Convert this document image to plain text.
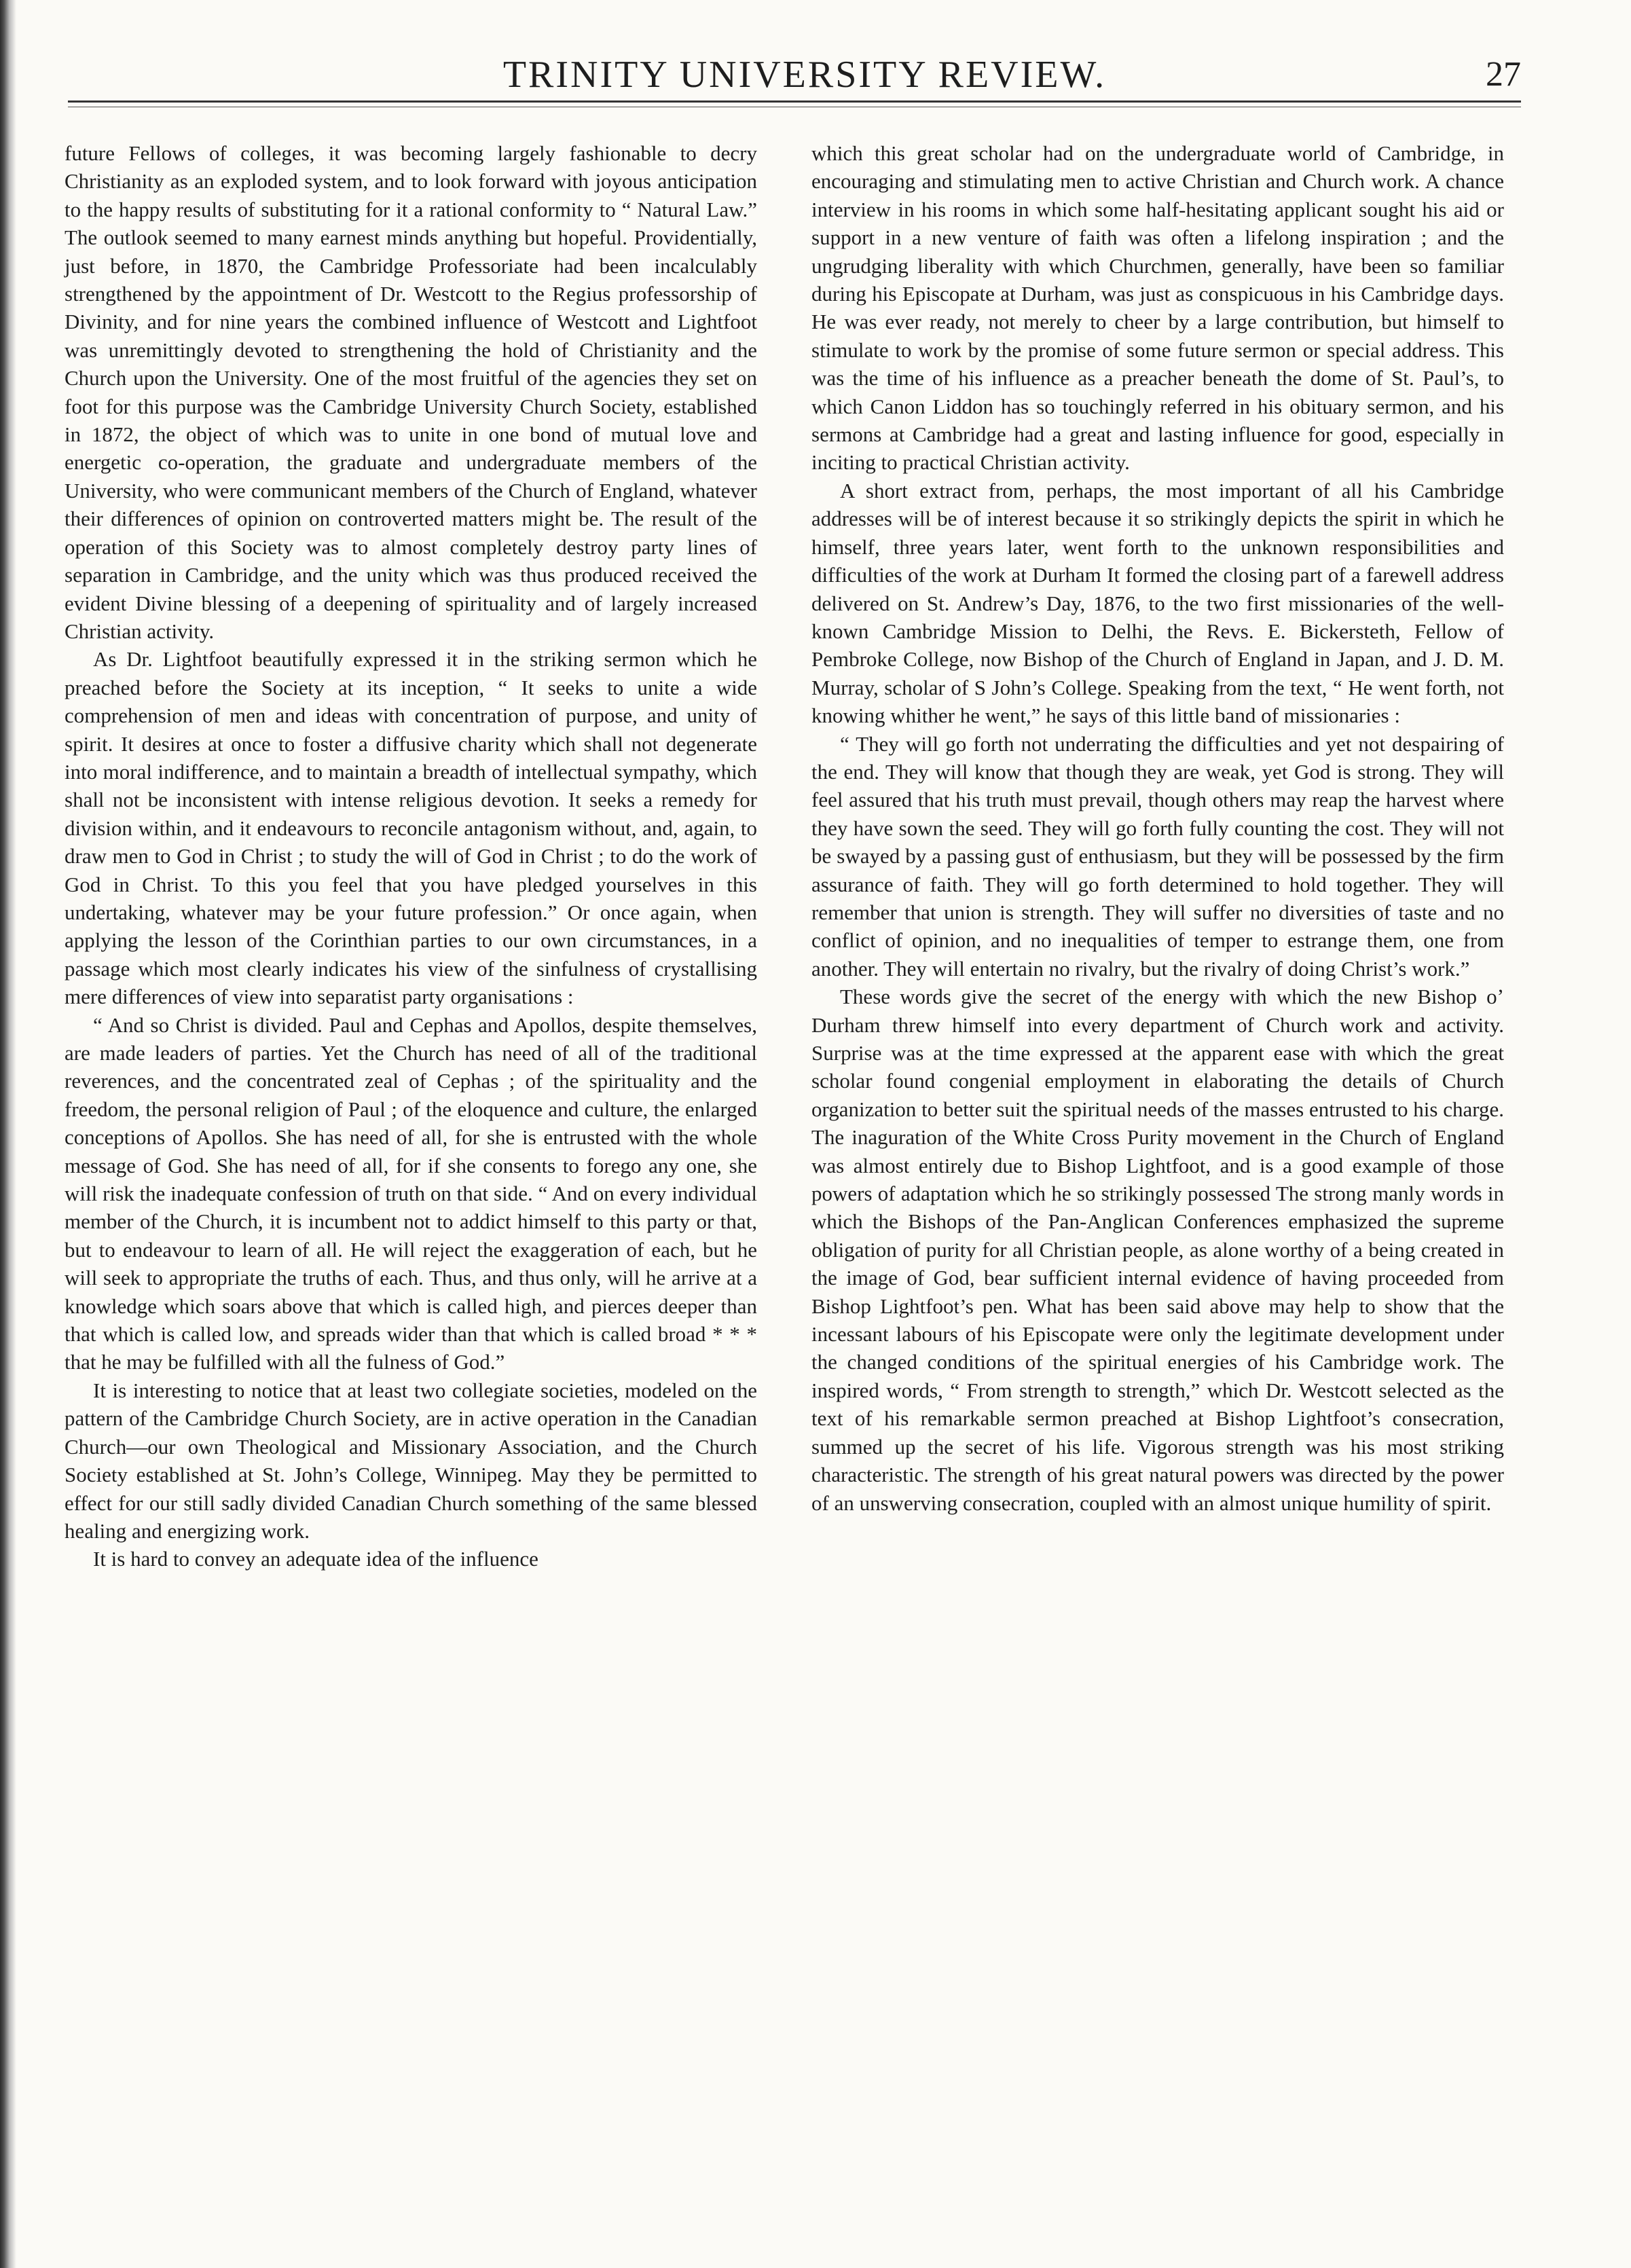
TRINITY UNIVERSITY REVIEW.	27

future Fellows of colleges, it was becoming largely fashionable to decry Christianity as an exploded system, and to look forward with joyous anticipation to the happy results of substituting for it a rational conformity to “ Natural Law.” The outlook seemed to many earnest minds anything but hopeful. Providentially, just before, in 1870, the Cambridge Professoriate had been incalculably strengthened by the appointment of Dr. Westcott to the Regius professorship of Divinity, and for nine years the combined influence of Westcott and Lightfoot was unremittingly devoted to strengthening the hold of Christianity and the Church upon the University. One of the most fruitful of the agencies they set on foot for this purpose was the Cambridge University Church Society, established in 1872, the object of which was to unite in one bond of mutual love and energetic co-operation, the graduate and undergraduate members of the University, who were communicant members of the Church of England, whatever their differences of opinion on controverted matters might be. The result of the operation of this Society was to almost completely destroy party lines of separation in Cambridge, and the unity which was thus produced received the evident Divine blessing of a deepening of spirituality and of largely increased Christian activity.

As Dr. Lightfoot beautifully expressed it in the striking sermon which he preached before the Society at its inception, “ It seeks to unite a wide comprehension of men and ideas with concentration of purpose, and unity of spirit. It desires at once to foster a diffusive charity which shall not degenerate into moral indifference, and to maintain a breadth of intellectual sympathy, which shall not be inconsistent with intense religious devotion. It seeks a remedy for division within, and it endeavours to reconcile antagonism without, and, again, to draw men to God in Christ ; to study the will of God in Christ ; to do the work of God in Christ. To this you feel that you have pledged yourselves in this undertaking, whatever may be your future profession.” Or once again, when applying the lesson of the Corinthian parties to our own circumstances, in a passage which most clearly indicates his view of the sinfulness of crystallising mere differences of view into separatist party organisations :

“ And so Christ is divided. Paul and Cephas and Apollos, despite themselves, are made leaders of parties. Yet the Church has need of all of the traditional reverences, and the concentrated zeal of Cephas ; of the spirituality and the freedom, the personal religion of Paul ; of the eloquence and culture, the enlarged conceptions of Apollos. She has need of all, for she is entrusted with the whole message of God. She has need of all, for if she consents to forego any one, she will risk the inadequate confession of truth on that side. “ And on every individual member of the Church, it is incumbent not to addict himself to this party or that, but to endeavour to learn of all. He will reject the exaggeration of each, but he will seek to appropriate the truths of each. Thus, and thus only, will he arrive at a knowledge which soars above that which is called high, and pierces deeper than that which is called low, and spreads wider than that which is called broad * * * that he may be fulfilled with all the fulness of God.”

It is interesting to notice that at least two collegiate societies, modeled on the pattern of the Cambridge Church Society, are in active operation in the Canadian Church—our own Theological and Missionary Association, and the Church Society established at St. John’s College, Winnipeg. May they be permitted to effect for our still sadly divided Canadian Church something of the same blessed healing and energizing work.

It is hard to convey an adequate idea of the influence

which this great scholar had on the undergraduate world of Cambridge, in encouraging and stimulating men to active Christian and Church work. A chance interview in his rooms in which some half-hesitating applicant sought his aid or support in a new venture of faith was often a lifelong inspiration ; and the ungrudging liberality with which Churchmen, generally, have been so familiar during his Episcopate at Durham, was just as conspicuous in his Cambridge days. He was ever ready, not merely to cheer by a large contribution, but himself to stimulate to work by the promise of some future sermon or special address. This was the time of his influence as a preacher beneath the dome of St. Paul’s, to which Canon Liddon has so touchingly referred in his obituary sermon, and his sermons at Cambridge had a great and lasting influence for good, especially in inciting to practical Christian activity.

A short extract from, perhaps, the most important of all his Cambridge addresses will be of interest because it so strikingly depicts the spirit in which he himself, three years later, went forth to the unknown responsibilities and difficulties of the work at Durham It formed the closing part of a farewell address delivered on St. Andrew’s Day, 1876, to the two first missionaries of the well-known Cambridge Mission to Delhi, the Revs. E. Bickersteth, Fellow of Pembroke College, now Bishop of the Church of England in Japan, and J. D. M. Murray, scholar of S John’s College. Speaking from the text, “ He went forth, not knowing whither he went,” he says of this little band of missionaries :

“ They will go forth not underrating the difficulties and yet not despairing of the end. They will know that though they are weak, yet God is strong. They will feel assured that his truth must prevail, though others may reap the harvest where they have sown the seed. They will go forth fully counting the cost. They will not be swayed by a passing gust of enthusiasm, but they will be possessed by the firm assurance of faith. They will go forth determined to hold together. They will remember that union is strength. They will suffer no diversities of taste and no conflict of opinion, and no inequalities of temper to estrange them, one from another. They will entertain no rivalry, but the rivalry of doing Christ’s work.”

These words give the secret of the energy with which the new Bishop oʼ Durham threw himself into every department of Church work and activity. Surprise was at the time expressed at the apparent ease with which the great scholar found congenial employment in elaborating the details of Church organization to better suit the spiritual needs of the masses entrusted to his charge. The inaguration of the White Cross Purity movement in the Church of England was almost entirely due to Bishop Lightfoot, and is a good example of those powers of adaptation which he so strikingly possessed The strong manly words in which the Bishops of the Pan-Anglican Conferences emphasized the supreme obligation of purity for all Christian people, as alone worthy of a being created in the image of God, bear sufficient internal evidence of having proceeded from Bishop Lightfoot’s pen. What has been said above may help to show that the incessant labours of his Episcopate were only the legitimate development under the changed conditions of the spiritual energies of his Cambridge work. The inspired words, “ From strength to strength,” which Dr. Westcott selected as the text of his remarkable sermon preached at Bishop Lightfoot’s consecration, summed up the secret of his life. Vigorous strength was his most striking characteristic. The strength of his great natural powers was directed by the power of an unswerving consecration, coupled with an almost unique humility of spirit.
